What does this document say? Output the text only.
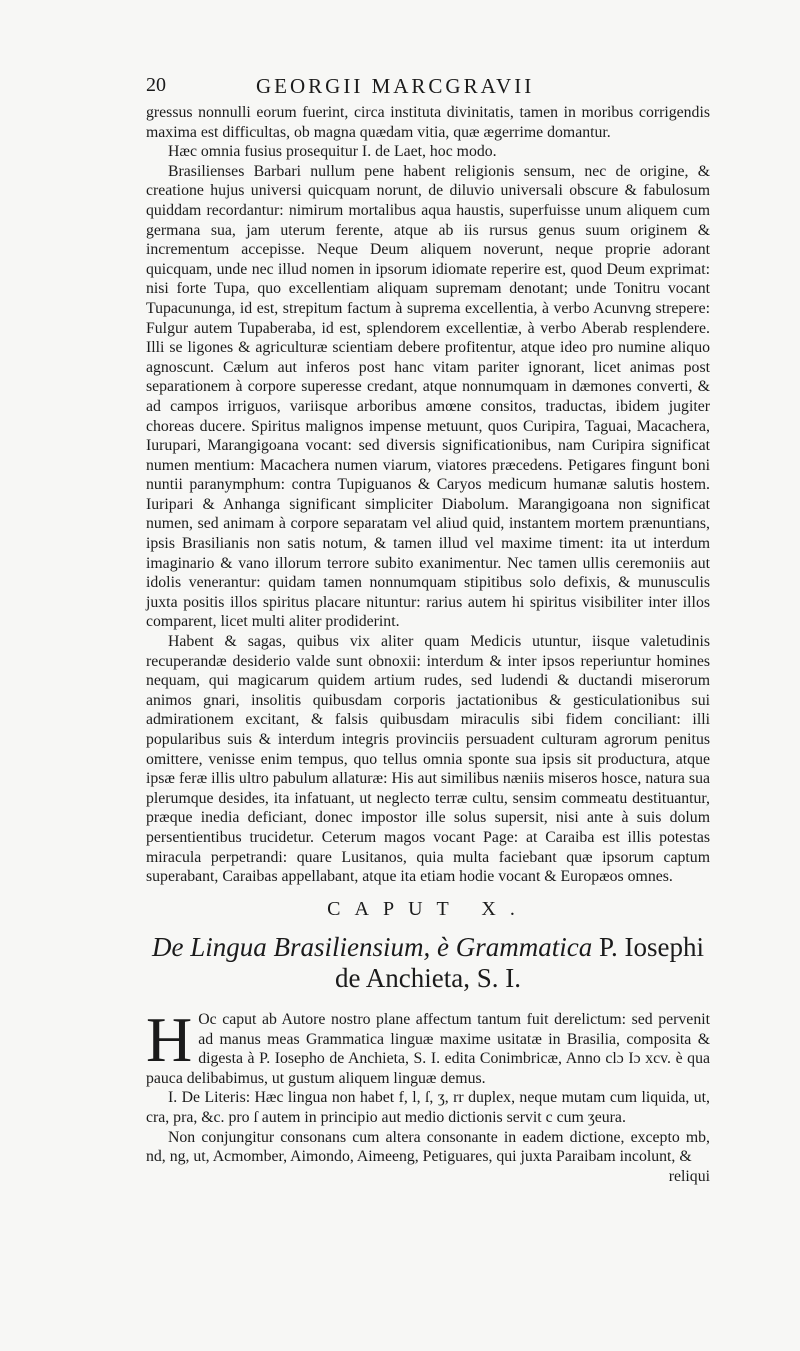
20	GEORGII MARCGRAVII

gressus nonnulli eorum fuerint, circa instituta divinitatis, tamen in moribus corrigendis maxima est difficultas, ob magna quædam vitia, quæ ægerrime domantur.

Hæc omnia fusius prosequitur I. de Laet, hoc modo.

Brasilienses Barbari nullum pene habent religionis sensum, nec de origine, & creatione hujus universi quicquam norunt, de diluvio universali obscure & fabulosum quiddam recordantur: nimirum mortalibus aqua haustis, superfuisse unum aliquem cum germana sua, jam uterum ferente, atque ab iis rursus genus suum originem & incrementum accepisse. Neque Deum aliquem noverunt, neque proprie adorant quicquam, unde nec illud nomen in ipsorum idiomate reperire est, quod Deum exprimat: nisi forte Tupa, quo excellentiam aliquam supremam denotant; unde Tonitru vocant Tupacununga, id est, strepitum factum à suprema excellentia, à verbo Acunvng strepere: Fulgur autem Tupaberaba, id est, splendorem excellentiæ, à verbo Aberab resplendere. Illi se ligones & agriculturæ scientiam debere profitentur, atque ideo pro numine aliquo agnoscunt. Cælum aut inferos post hanc vitam pariter ignorant, licet animas post separationem à corpore superesse credant, atque nonnumquam in dæmones converti, & ad campos irriguos, variisque arboribus amœne consitos, traductas, ibidem jugiter choreas ducere. Spiritus malignos impense metuunt, quos Curipira, Taguai, Macachera, Iurupari, Marangigoana vocant: sed diversis significationibus, nam Curipira significat numen mentium: Macachera numen viarum, viatores præcedens. Petigares fingunt boni nuntii paranymphum: contra Tupiguanos & Caryos medicum humanæ salutis hostem. Iuripari & Anhanga significant simpliciter Diabolum. Marangigoana non significat numen, sed animam à corpore separatam vel aliud quid, instantem mortem prænuntians, ipsis Brasilianis non satis notum, & tamen illud vel maxime timent: ita ut interdum imaginario & vano illorum terrore subito exanimentur. Nec tamen ullis ceremoniis aut idolis venerantur: quidam tamen nonnumquam stipitibus solo defixis, & munusculis juxta positis illos spiritus placare nituntur: rarius autem hi spiritus visibiliter inter illos comparent, licet multi aliter prodiderint.

Habent & sagas, quibus vix aliter quam Medicis utuntur, iisque valetudinis recuperandæ desiderio valde sunt obnoxii: interdum & inter ipsos reperiuntur homines nequam, qui magicarum quidem artium rudes, sed ludendi & ductandi miserorum animos gnari, insolitis quibusdam corporis jactationibus & gesticulationibus sui admirationem excitant, & falsis quibusdam miraculis sibi fidem conciliant: illi popularibus suis & interdum integris provinciis persuadent culturam agrorum penitus omittere, venisse enim tempus, quo tellus omnia sponte sua ipsis sit productura, atque ipsæ feræ illis ultro pabulum allaturæ: His aut similibus næniis miseros hosce, natura sua plerumque desides, ita infatuant, ut neglecto terræ cultu, sensim commeatu destituantur, præque inedia deficiant, donec impostor ille solus supersit, nisi ante à suis dolum persentientibus trucidetur. Ceterum magos vocant Page: at Caraiba est illis potestas miracula perpetrandi: quare Lusitanos, quia multa faciebant quæ ipsorum captum superabant, Caraibas appellabant, atque ita etiam hodie vocant & Europæos omnes.

CAPUT X.
De Lingua Brasiliensium, è Grammatica P. Iosephi
de Anchieta, S. I.

H Oc caput ab Autore nostro plane affectum tantum fuit derelictum: sed pervenit ad manus meas Grammatica linguæ maxime usitatæ in Brasilia, composita & digesta à P. Iosepho de Anchieta, S. I. edita Conimbricæ, Anno clɔ Iɔ xcv. è qua pauca delibabimus, ut gustum aliquem linguæ demus.

I. De Literis: Hæc lingua non habet f, l, ſ, ʒ, rr duplex, neque mutam cum liquida, ut, cra, pra, &c. pro ſ autem in principio aut medio dictionis servit c cum ʒeura.

Non conjungitur consonans cum altera consonante in eadem dictione, excepto mb, nd, ng, ut, Acmomber, Aimondo, Aimeeng, Petiguares, qui juxta Paraibam incolunt, &

reliqui
